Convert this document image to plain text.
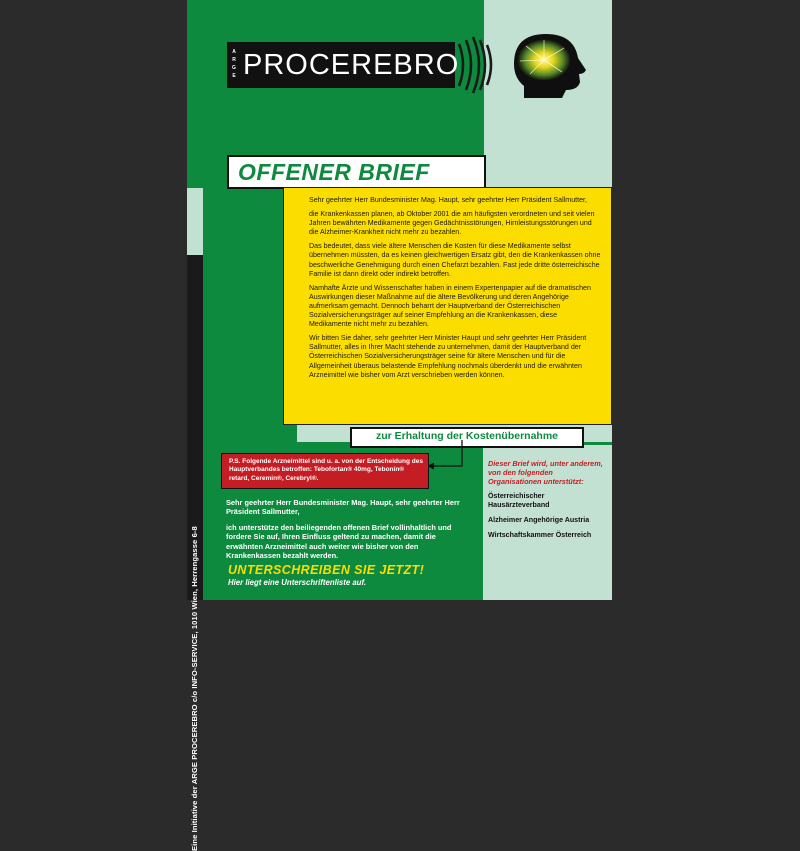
Eine Initiative der ARGE PROCEREBRO c/o INFO-SERVICE, 1010 Wien, Herrengasse 6-8
ARGE PROCEREBRO
OFFENER BRIEF

Sehr geehrter Herr Bundesminister Mag. Haupt, sehr geehrter Herr Präsident Sallmutter,

die Krankenkassen planen, ab Oktober 2001 die am häufigsten verordneten und seit vielen Jahren bewährten Medikamente gegen Gedächtnisstörungen, Hirnleistungsstörungen und die Alzheimer-Krankheit nicht mehr zu bezahlen.

Das bedeutet, dass viele ältere Menschen die Kosten für diese Medikamente selbst übernehmen müssten, da es keinen gleichwertigen Ersatz gibt, den die Krankenkassen ohne beschwerliche Genehmigung durch einen Chefarzt bezahlen. Fast jede dritte österreichische Familie ist dann direkt oder indirekt betroffen.

Namhafte Ärzte und Wissenschafter haben in einem Expertenpapier auf die dramatischen Auswirkungen dieser Maßnahme auf die ältere Bevölkerung und deren Angehörige aufmerksam gemacht. Dennoch beharrt der Hauptverband der Österreichischen Sozialversicherungsträger auf seiner Empfehlung an die Krankenkassen, diese Medikamente nicht mehr zu bezahlen.

Wir bitten Sie daher, sehr geehrter Herr Minister Haupt und sehr geehrter Herr Präsident Sallmutter, alles in Ihrer Macht stehende zu unternehmen, damit der Hauptverband der Österreichischen Sozialversicherungsträger seine für ältere Menschen und für die Allgemeinheit überaus belastende Empfehlung nochmals überdenkt und die erwähnten Arzneimittel wie bisher vom Arzt verschrieben werden können.

zur Erhaltung der Kostenübernahme
P.S. Folgende Arzneimittel sind u. a. von der Entscheidung des Hauptverbandes betroffen: Tebofortan® 40mg, Tebonin® retard, Ceremin®, Cerebryl®.

Sehr geehrter Herr Bundesminister Mag. Haupt, sehr geehrter Herr Präsident Sallmutter,

ich unterstütze den beiliegenden offenen Brief vollinhaltlich und fordere Sie auf, Ihren Einfluss geltend zu machen, damit die erwähnten Arzneimittel auch weiter wie bisher von den Krankenkassen bezahlt werden.

UNTERSCHREIBEN SIE JETZT!
Hier liegt eine Unterschriftenliste auf.

Dieser Brief wird, unter anderem, von den folgenden Organisationen unterstützt:

Österreichischer Hausärzteverband

Alzheimer Angehörige Austria

Wirtschaftskammer Österreich
